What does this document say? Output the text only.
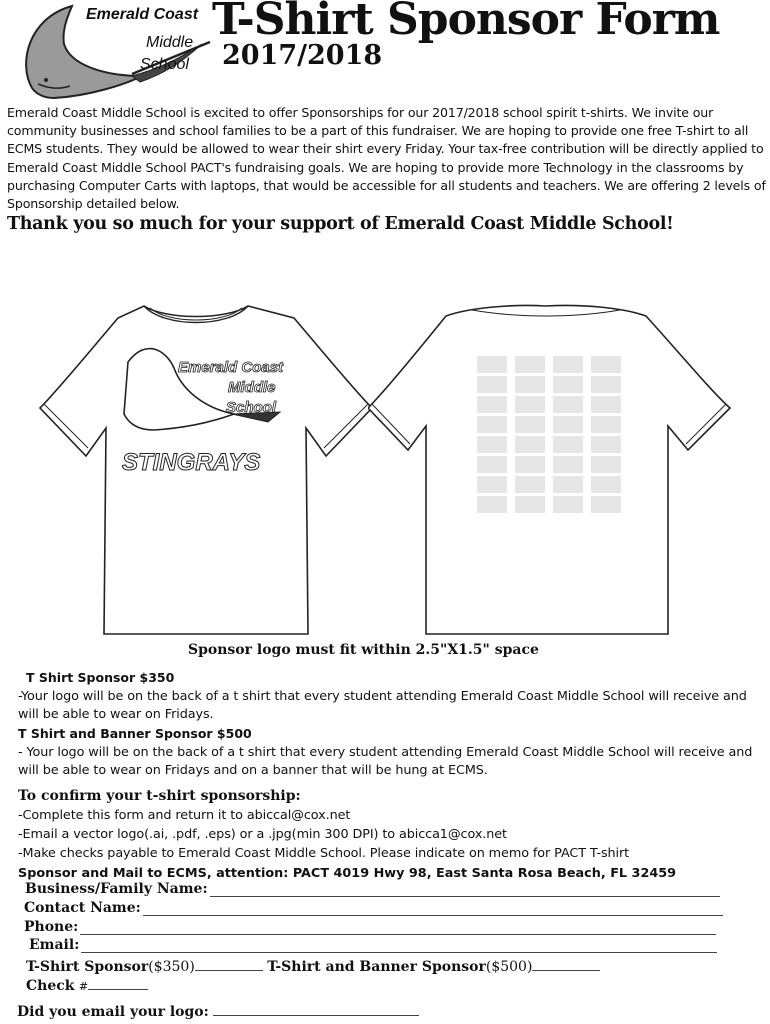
Emerald Coast
Middle
School
T-Shirt Sponsor Form
2017/2018
Emerald Coast Middle School is excited to offer Sponsorships for our 2017/2018 school spirit t-shirts. We invite our community businesses and school families to be a part of this fundraiser. We are hoping to provide one free T-shirt to all ECMS students. They would be allowed to wear their shirt every Friday. Your tax-free contribution will be directly applied to Emerald Coast Middle School PACT's fundraising goals. We are hoping to provide more Technology in the classrooms by purchasing Computer Carts with laptops, that would be accessible for all students and teachers. We are offering 2 levels of Sponsorship detailed below.
Thank you so much for your support of Emerald Coast Middle School!
Emerald Coast
Middle
School
STINGRAYS
Sponsor logo must fit within 2.5"X1.5" space
T Shirt Sponsor $350
-Your logo will be on the back of a t shirt that every student attending Emerald Coast Middle School will receive and will be able to wear on Fridays.
T Shirt and Banner Sponsor $500
- Your logo will be on the back of a t shirt that every student attending Emerald Coast Middle School will receive and will be able to wear on Fridays and on a banner that will be hung at ECMS.
To confirm your t-shirt sponsorship:
-Complete this form and return it to abiccal@cox.net
-Email a vector logo(.ai, .pdf, .eps) or a .jpg(min 300 DPI) to abicca1@cox.net
-Make checks payable to Emerald Coast Middle School. Please indicate on memo for PACT T-shirt
Sponsor and Mail to ECMS, attention: PACT 4019 Hwy 98, East Santa Rosa Beach, FL 32459
Business/Family Name:
Contact Name:
Phone:
Email:
T-Shirt Sponsor($350)	T-Shirt and Banner Sponsor($500)
Check #
Did you email your logo:
